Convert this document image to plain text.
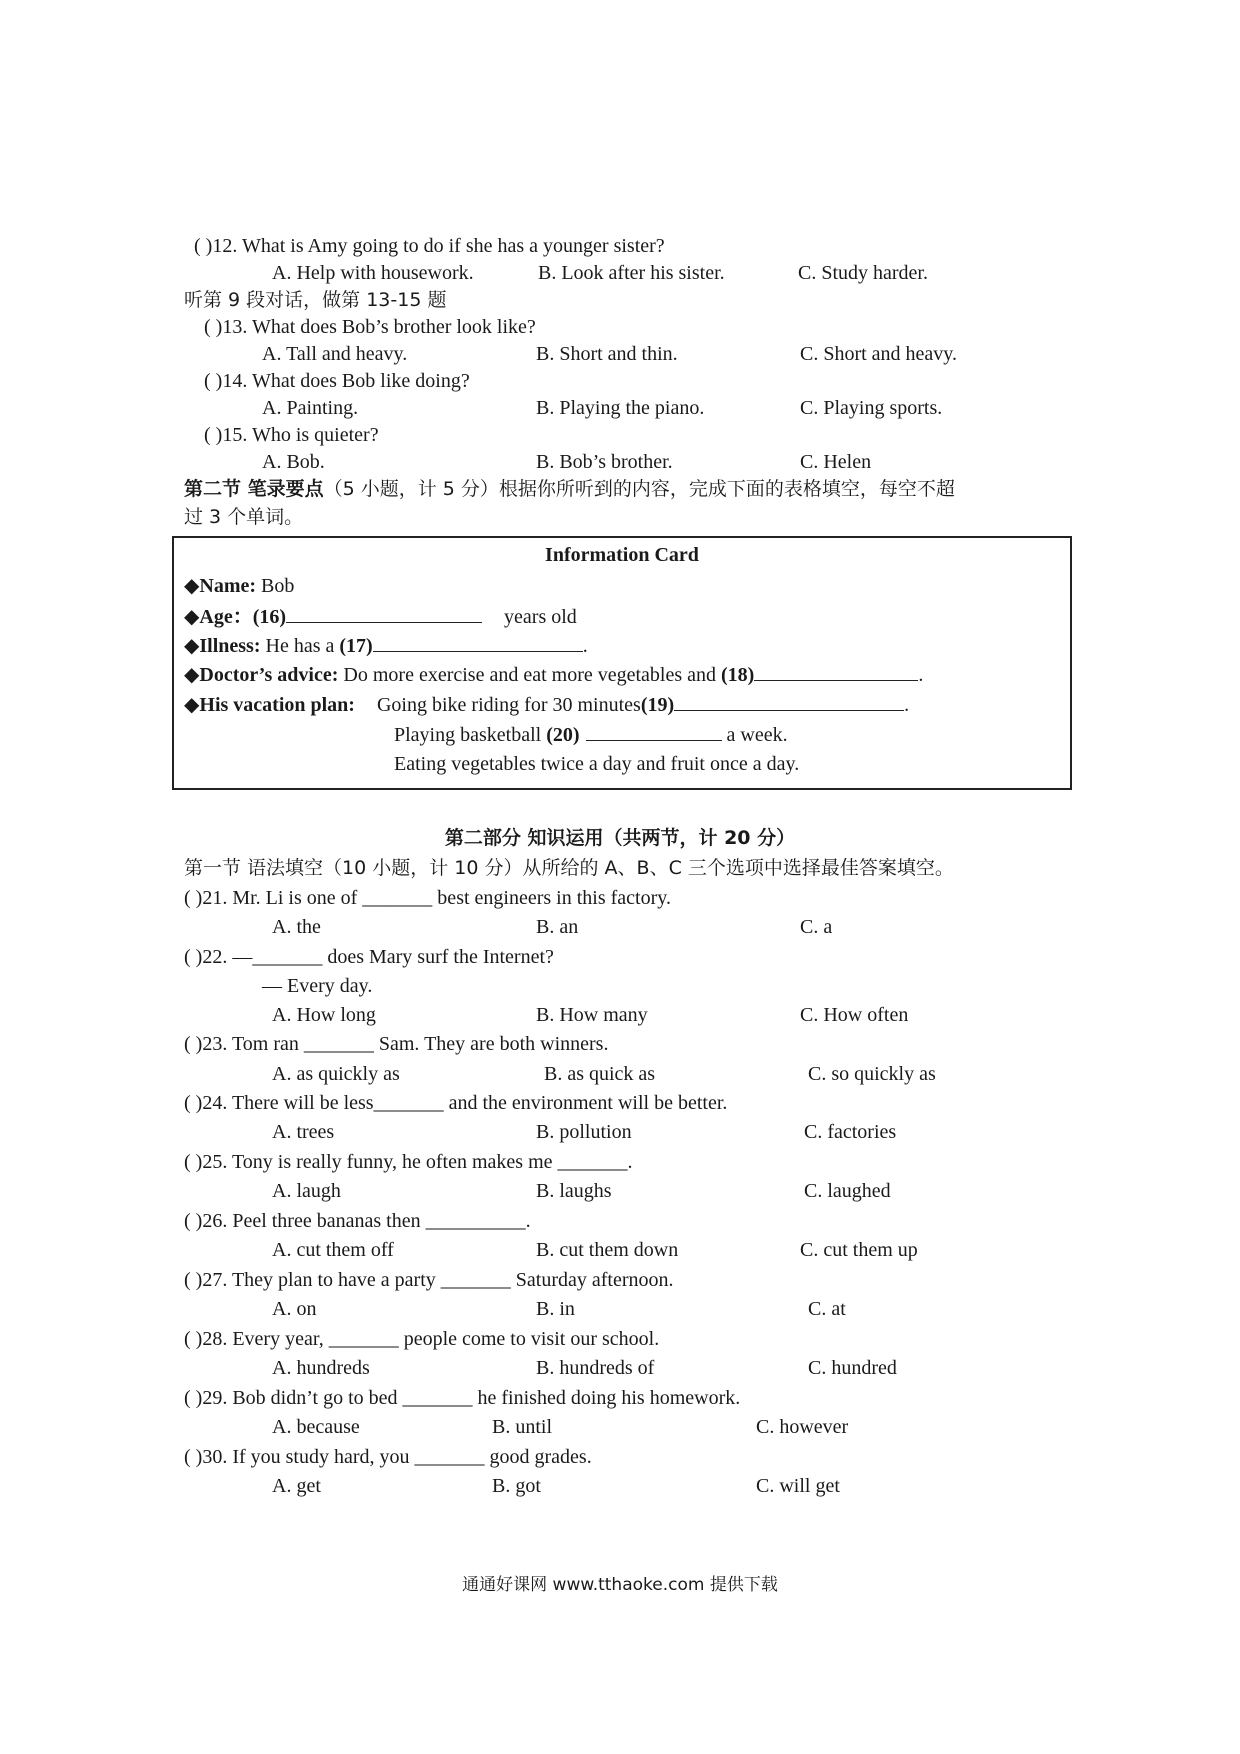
( )12. What is Amy going to do if she has a younger sister?
A. Help with housework.	B. Look after his sister.	C. Study harder.
听第 9 段对话，做第 13-15 题
( )13. What does Bob’s brother look like?
A. Tall and heavy.	B. Short and thin.	C. Short and heavy.
( )14. What does Bob like doing?
A. Painting.	B. Playing the piano.	C. Playing sports.
( )15. Who is quieter?
A. Bob.	B. Bob’s brother.	C. Helen
第二节 笔录要点（5 小题，计 5 分）根据你所听到的内容，完成下面的表格填空，每空不超
过 3 个单词。
Information Card
◆Name: Bob
◆Age：(16)	years old
◆Illness: He has a (17)	.
◆Doctor’s advice: Do more exercise and eat more vegetables and (18)	.
◆His vacation plan: Going bike riding for 30 minutes(19)	.
Playing basketball (20)	a week.
Eating vegetables twice a day and fruit once a day.
第二部分 知识运用（共两节，计 20 分）
第一节 语法填空（10 小题，计 10 分）从所给的 A、B、C 三个选项中选择最佳答案填空。
( )21. Mr. Li is one of _______ best engineers in this factory.
A. the	B. an	C. a
( )22. —_______ does Mary surf the Internet?
— Every day.
A. How long	B. How many	C. How often
( )23. Tom ran _______ Sam. They are both winners.
A. as quickly as	B. as quick as	C. so quickly as
( )24. There will be less_______ and the environment will be better.
A. trees	B. pollution	C. factories
( )25. Tony is really funny, he often makes me _______.
A. laugh	B. laughs	C. laughed
( )26. Peel three bananas then __________.
A. cut them off	B. cut them down	C. cut them up
( )27. They plan to have a party _______ Saturday afternoon.
A. on	B. in	C. at
( )28. Every year, _______ people come to visit our school.
A. hundreds	B. hundreds of	C. hundred
( )29. Bob didn’t go to bed _______ he finished doing his homework.
A. because	B. until	C. however
( )30. If you study hard, you _______ good grades.
A. get	B. got	C. will get
通通好课网 www.tthaoke.com 提供下载
